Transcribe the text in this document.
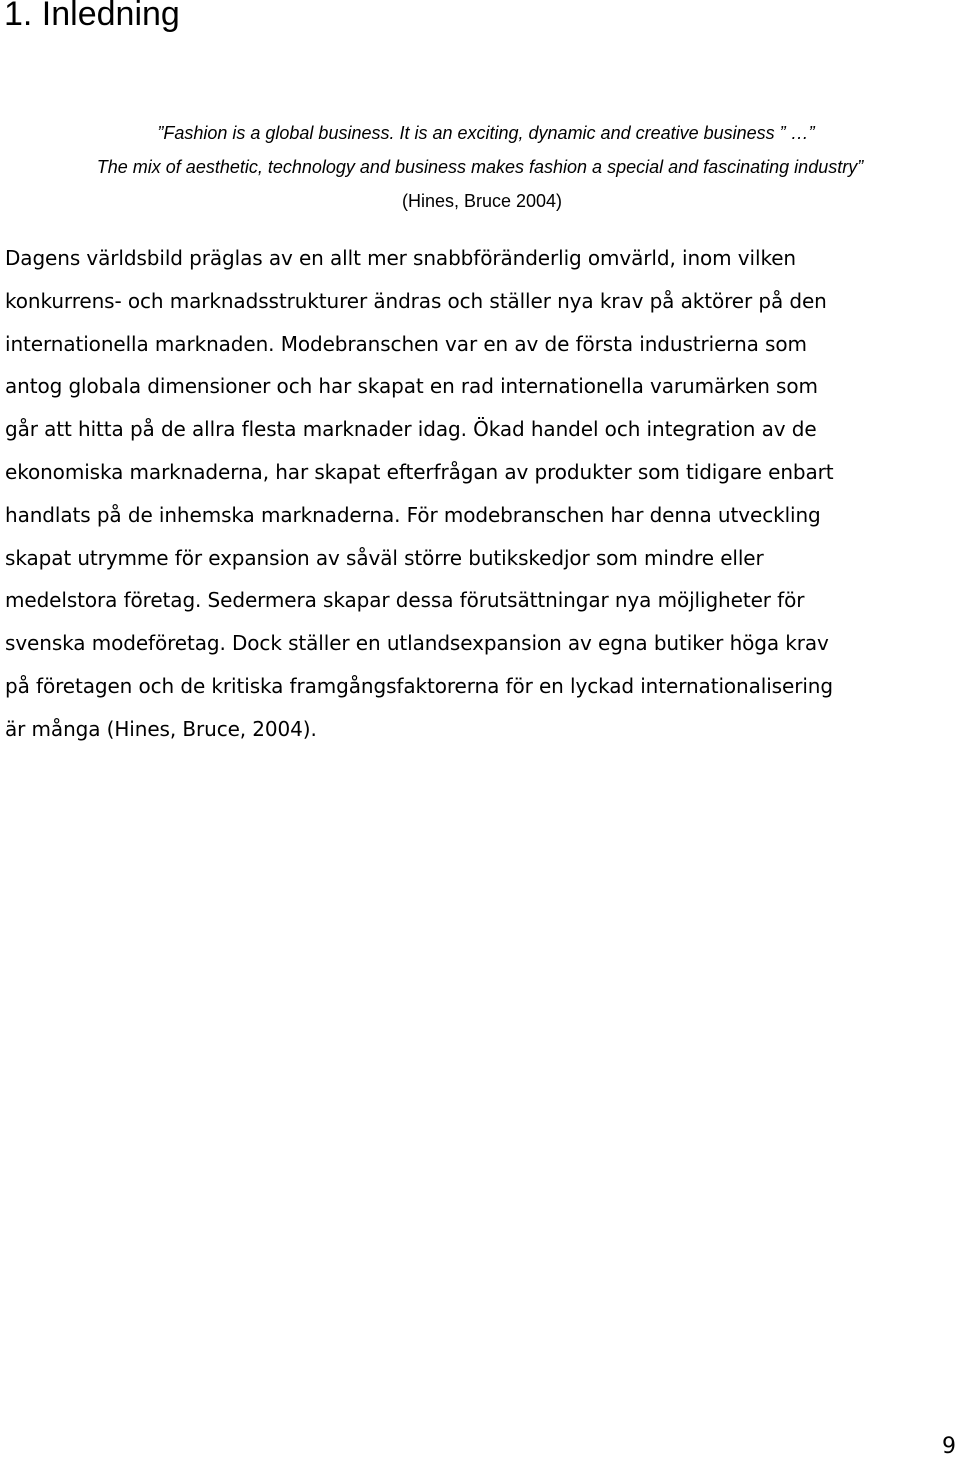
1. Inledning
”Fashion is a global business. It is an exciting, dynamic and creative business ” …”
The mix of aesthetic, technology and business makes fashion a special and fascinating industry”
(Hines, Bruce 2004)
Dagens världsbild präglas av en allt mer snabbföränderlig omvärld, inom vilken
konkurrens- och marknadsstrukturer ändras och ställer nya krav på aktörer på den
internationella marknaden. Modebranschen var en av de första industrierna som
antog globala dimensioner och har skapat en rad internationella varumärken som
går att hitta på de allra flesta marknader idag. Ökad handel och integration av de
ekonomiska marknaderna, har skapat efterfrågan av produkter som tidigare enbart
handlats på de inhemska marknaderna. För modebranschen har denna utveckling
skapat utrymme för expansion av såväl större butikskedjor som mindre eller
medelstora företag. Sedermera skapar dessa förutsättningar nya möjligheter för
svenska modeföretag. Dock ställer en utlandsexpansion av egna butiker höga krav
på företagen och de kritiska framgångsfaktorerna för en lyckad internationalisering
är många (Hines, Bruce, 2004).
9
